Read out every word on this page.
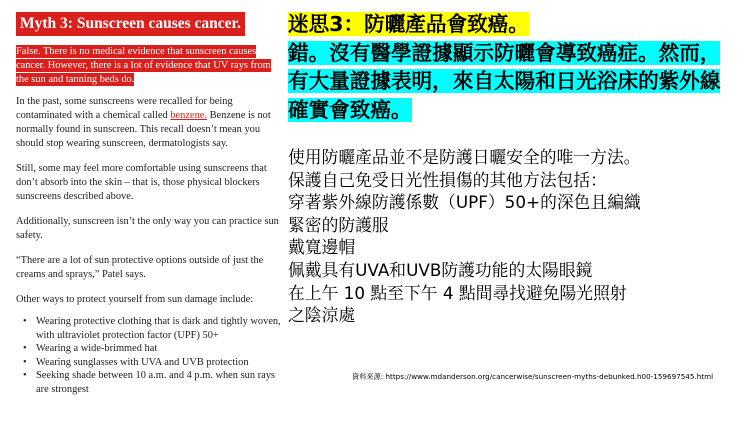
Myth 3: Sunscreen causes cancer.

False. There is no medical evidence that sunscreen causes cancer. However, there is a lot of evidence that UV rays from the sun and tanning beds do.

In the past, some sunscreens were recalled for being contaminated with a chemical called benzene. Benzene is not normally found in sunscreen. This recall doesn’t mean you should stop wearing sunscreen, dermatologists say.

Still, some may feel more comfortable using sunscreens that don’t absorb into the skin – that is, those physical blockers sunscreens described above.

Additionally, sunscreen isn’t the only way you can practice sun safety.

“There are a lot of sun protective options outside of just the creams and sprays,” Patel says.

Other ways to protect yourself from sun damage include:

• Wearing protective clothing that is dark and tightly woven, with ultraviolet protection factor (UPF) 50+
• Wearing a wide-brimmed hat
• Wearing sunglasses with UVA and UVB protection
• Seeking shade between 10 a.m. and 4 p.m. when sun rays are strongest
迷思3：防曬產品會致癌。
錯。沒有醫學證據顯示防曬會導致癌症。然而，有大量證據表明，來自太陽和日光浴床的紫外線確實會致癌。
使用防曬產品並不是防護日曬安全的唯一方法。
保護自己免受日光性損傷的其他方法包括：
穿著紫外線防護係數（UPF）50+的深色且編織
緊密的防護服
戴寬邊帽
佩戴具有UVA和UVB防護功能的太陽眼鏡
在上午 10 點至下午 4 點間尋找避免陽光照射
之陰涼處
資料來源: https://www.mdanderson.org/cancerwise/sunscreen-myths-debunked.h00-159697545.html
